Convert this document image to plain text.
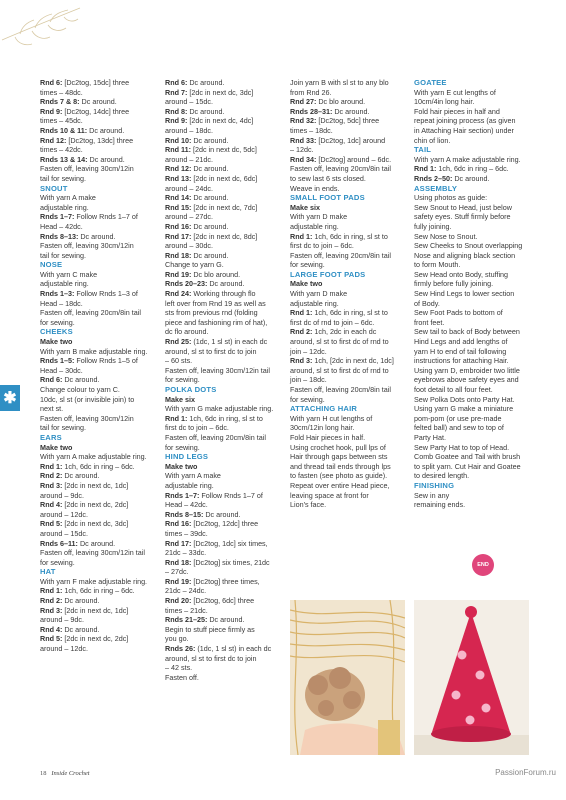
Rnd 6: [Dc2tog, 15dc] three

times – 48dc.

Rnds 7 & 8: Dc around.

Rnd 9: [Dc2tog, 14dc] three

times – 45dc.

Rnds 10 & 11: Dc around.

Rnd 12: [Dc2tog, 13dc] three

times – 42dc.

Rnds 13 & 14: Dc around.

Fasten off, leaving 30cm/12in

tail for sewing.

SNOUT

With yarn A make

adjustable ring.

Rnds 1–7: Follow Rnds 1–7 of

Head – 42dc.

Rnds 8–13: Dc around.

Fasten off, leaving 30cm/12in

tail for sewing.

NOSE

With yarn C make

adjustable ring.

Rnds 1–3: Follow Rnds 1–3 of

Head – 18dc.

Fasten off, leaving 20cm/8in tail

for sewing.

CHEEKS

Make two

With yarn B make adjustable ring.

Rnds 1–5: Follow Rnds 1–5 of

Head – 30dc.

Rnd 6: Dc around.

Change colour to yarn C.

10dc, sl st (or invisible join) to

next st.

Fasten off, leaving 30cm/12in

tail for sewing.

EARS

Make two

With yarn A make adjustable ring.

Rnd 1: 1ch, 6dc in ring – 6dc.

Rnd 2: Dc around.

Rnd 3: [2dc in next dc, 1dc]

around – 9dc.

Rnd 4: [2dc in next dc, 2dc]

around – 12dc.

Rnd 5: [2dc in next dc, 3dc]

around – 15dc.

Rnds 6–11: Dc around.

Fasten off, leaving 30cm/12in tail

for sewing.

HAT

With yarn F make adjustable ring.

Rnd 1: 1ch, 6dc in ring – 6dc.

Rnd 2: Dc around.

Rnd 3: [2dc in next dc, 1dc]

around – 9dc.

Rnd 4: Dc around.

Rnd 5: [2dc in next dc, 2dc]

around – 12dc.

Rnd 6: Dc around.

Rnd 7: [2dc in next dc, 3dc]

around – 15dc.

Rnd 8: Dc around.

Rnd 9: [2dc in next dc, 4dc]

around – 18dc.

Rnd 10: Dc around.

Rnd 11: [2dc in next dc, 5dc]

around – 21dc.

Rnd 12: Dc around.

Rnd 13: [2dc in next dc, 6dc]

around – 24dc.

Rnd 14: Dc around.

Rnd 15: [2dc in next dc, 7dc]

around – 27dc.

Rnd 16: Dc around.

Rnd 17: [2dc in next dc, 8dc]

around – 30dc.

Rnd 18: Dc around.

Change to yarn G.

Rnd 19: Dc blo around.

Rnds 20–23: Dc around.

Rnd 24: Working through flo

left over from Rnd 19 as well as

sts from previous rnd (folding

piece and fashioning rim of hat),

dc flo around.

Rnd 25: (1dc, 1 sl st) in each dc

around, sl st to first dc to join

– 60 sts.

Fasten off, leaving 30cm/12in tail

for sewing.

POLKA DOTS

Make six

With yarn G make adjustable ring.

Rnd 1: 1ch, 6dc in ring, sl st to

first dc to join – 6dc.

Fasten off, leaving 20cm/8in tail

for sewing.

HIND LEGS

Make two

With yarn A make

adjustable ring.

Rnds 1–7: Follow Rnds 1–7 of

Head – 42dc.

Rnds 8–15: Dc around.

Rnd 16: [Dc2tog, 12dc] three

times – 39dc.

Rnd 17: [Dc2tog, 1dc] six times,

21dc – 33dc.

Rnd 18: [Dc2tog] six times, 21dc

– 27dc.

Rnd 19: [Dc2tog] three times,

21dc – 24dc.

Rnd 20: [Dc2tog, 6dc] three

times – 21dc.

Rnds 21–25: Dc around.

Begin to stuff piece firmly as

you go.

Rnds 26: (1dc, 1 sl st) in each dc

around, sl st to first dc to join

– 42 sts.

Fasten off.

Join yarn B with sl st to any blo

from Rnd 26.

Rnd 27: Dc blo around.

Rnds 28–31: Dc around.

Rnd 32: [Dc2tog, 5dc] three

times – 18dc.

Rnd 33: [Dc2tog, 1dc] around

– 12dc.

Rnd 34: [Dc2tog] around – 6dc.

Fasten off, leaving 20cm/8in tail

to sew last 6 sts closed.

Weave in ends.

SMALL FOOT PADS

Make six

With yarn D make

adjustable ring.

Rnd 1: 1ch, 6dc in ring, sl st to

first dc to join – 6dc.

Fasten off, leaving 20cm/8in tail

for sewing.

LARGE FOOT PADS

Make two

With yarn D make

adjustable ring.

Rnd 1: 1ch, 6dc in ring, sl st to

first dc of rnd to join – 6dc.

Rnd 2: 1ch, 2dc in each dc

around, sl st to first dc of rnd to

join – 12dc.

Rnd 3: 1ch, [2dc in next dc, 1dc]

around, sl st to first dc of rnd to

join – 18dc.

Fasten off, leaving 20cm/8in tail

for sewing.

ATTACHING HAIR

With yarn H cut lengths of

30cm/12in long hair.

Fold Hair pieces in half.

Using crochet hook, pull lps of

Hair through gaps between sts

and thread tail ends through lps

to fasten (see photo as guide).

Repeat over entire Head piece,

leaving space at front for

Lion's face.

GOATEE

With yarn E cut lengths of

10cm/4in long hair.

Fold hair pieces in half and

repeat joining process (as given

in Attaching Hair section) under

chin of lion.

TAIL

With yarn A make adjustable ring.

Rnd 1: 1ch, 6dc in ring – 6dc.

Rnds 2–50: Dc around.

ASSEMBLY

Using photos as guide:

Sew Snout to Head, just below

safety eyes. Stuff firmly before

fully joining.

Sew Nose to Snout.

Sew Cheeks to Snout overlapping

Nose and aligning black section

to form Mouth.

Sew Head onto Body, stuffing

firmly before fully joining.

Sew Hind Legs to lower section

of Body.

Sew Foot Pads to bottom of

front feet.

Sew tail to back of Body between

Hind Legs and add lengths of

yarn H to end of tail following

instructions for attaching Hair.

Using yarn D, embroider two little

eyebrows above safety eyes and

foot detail to all four feet.

Sew Polka Dots onto Party Hat.

Using yarn G make a miniature

pom-pom (or use pre-made

felted ball) and sew to top of

Party Hat.

Sew Party Hat to top of Head.

Comb Goatee and Tail with brush

to split yarn. Cut Hair and Goatee

to desired length.

FINISHING

Sew in any

remaining ends.

✱
END
18 Inside Crochet	PassionForum.ru
